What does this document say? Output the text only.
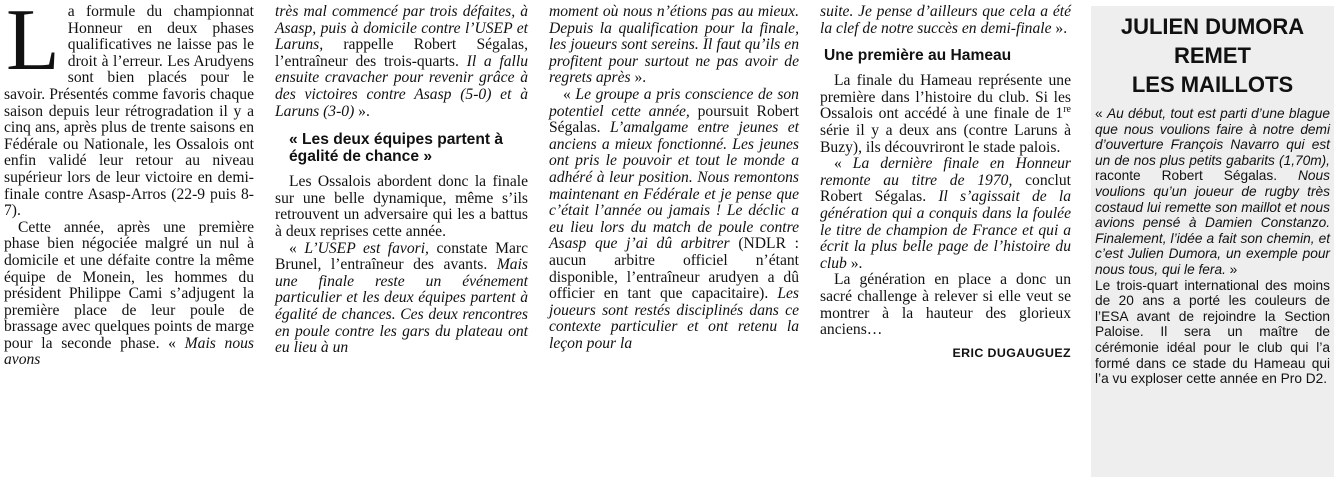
La formule du championnat Honneur en deux phases qualificatives ne laisse pas le droit à l’erreur. Les Arudyens sont bien placés pour le savoir. Présentés comme favoris chaque saison depuis leur rétrogradation il y a cinq ans, après plus de trente saisons en Fédérale ou Nationale, les Ossalois ont enfin validé leur retour au niveau supérieur lors de leur victoire en demi-finale contre Asasp-Arros (22-9 puis 8-7).

Cette année, après une première phase bien négociée malgré un nul à domicile et une défaite contre la même équipe de Monein, les hommes du président Philippe Cami s’adjugent la première place de leur poule de brassage avec quelques points de marge pour la seconde phase. « Mais nous avons

très mal commencé par trois défaites, à Asasp, puis à domicile contre l’USEP et Laruns, rappelle Robert Ségalas, l’entraîneur des trois-quarts. Il a fallu ensuite cravacher pour revenir grâce à des victoires contre Asasp (5-0) et à Laruns (3-0) ».

« Les deux équipes partent à égalité de chance »

Les Ossalois abordent donc la finale sur une belle dynamique, même s’ils retrouvent un adversaire qui les a battus à deux reprises cette année.

« L’USEP est favori, constate Marc Brunel, l’entraîneur des avants. Mais une finale reste un événement particulier et les deux équipes partent à égalité de chances. Ces deux rencontres en poule contre les gars du plateau ont eu lieu à un

moment où nous n’étions pas au mieux. Depuis la qualification pour la finale, les joueurs sont sereins. Il faut qu’ils en profitent pour surtout ne pas avoir de regrets après ».

« Le groupe a pris conscience de son potentiel cette année, poursuit Robert Ségalas. L’amalgame entre jeunes et anciens a mieux fonctionné. Les jeunes ont pris le pouvoir et tout le monde a adhéré à leur position. Nous remontons maintenant en Fédérale et je pense que c’était l’année ou jamais ! Le déclic a eu lieu lors du match de poule contre Asasp que j’ai dû arbitrer (NDLR : aucun arbitre officiel n’étant disponible, l’entraîneur arudyen a dû officier en tant que capacitaire). Les joueurs sont restés disciplinés dans ce contexte particulier et ont retenu la leçon pour la

suite. Je pense d’ailleurs que cela a été la clef de notre succès en demi-finale ».

Une première au Hameau

La finale du Hameau représente une première dans l’histoire du club. Si les Ossalois ont accédé à une finale de 1re série il y a deux ans (contre Laruns à Buzy), ils découvriront le stade palois.

« La dernière finale en Honneur remonte au titre de 1970, conclut Robert Ségalas. Il s’agissait de la génération qui a conquis dans la foulée le titre de champion de France et qui a écrit la plus belle page de l’histoire du club ».

La génération en place a donc un sacré challenge à relever si elle veut se montrer à la hauteur des glorieux anciens…

ERIC DUGAUGUEZ
JULIEN DUMORA
REMET
LES MAILLOTS

« Au début, tout est parti d’une blague que nous voulions faire à notre demi d’ouverture François Navarro qui est un de nos plus petits gabarits (1,70m), raconte Robert Ségalas. Nous voulions qu’un joueur de rugby très costaud lui remette son maillot et nous avions pensé à Damien Constanzo. Finalement, l’idée a fait son chemin, et c’est Julien Dumora, un exemple pour nous tous, qui le fera. »

Le trois-quart international des moins de 20 ans a porté les couleurs de l’ESA avant de rejoindre la Section Paloise. Il sera un maître de cérémonie idéal pour le club qui l’a formé dans ce stade du Hameau qui l’a vu exploser cette année en Pro D2.
